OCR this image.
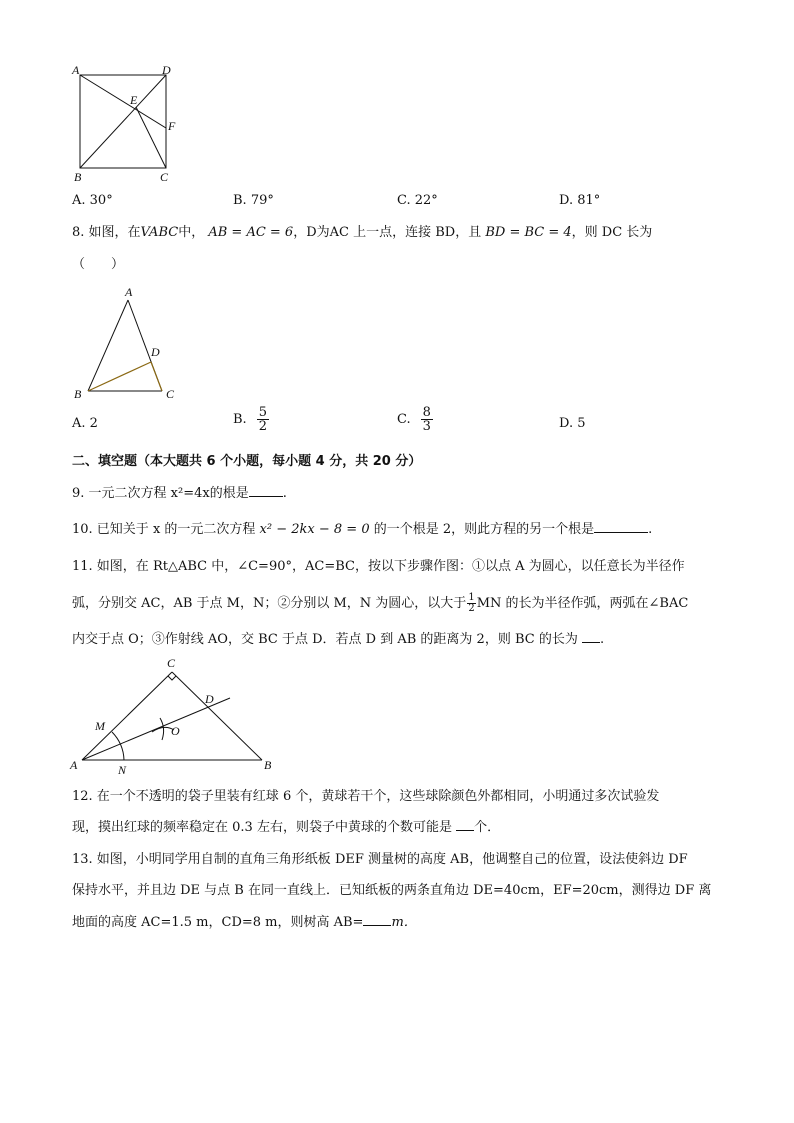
A	D
E
F
B	C
A. 30°	B. 79°	C. 22°	D. 81°
8. 如图，在VABC中， AB = AC = 6，D为AC 上一点，连接 BD，且 BD = BC = 4，则 DC 长为
（　　）
A
D
B	C
A. 2	B. $\frac{5}{2}$	C. $\frac{8}{3}$	D. 5
二、填空题（本大题共 6 个小题，每小题 4 分，共 20 分）
9. 一元二次方程 x²=4x的根是	.
10. 已知关于 x 的一元二次方程 x² − 2kx − 8 = 0 的一个根是 2，则此方程的另一个根是	.
11. 如图，在 Rt△ABC 中，∠C=90°，AC=BC，按以下步骤作图：①以点 A 为圆心，以任意长为半径作
弧，分别交 AC，AB 于点 M，N；②分别以 M，N 为圆心，以大于 $\frac{1}{2}$ MN 的长为半径作弧，两弧在∠BAC
内交于点 O；③作射线 AO，交 BC 于点 D．若点 D 到 AB 的距离为 2，则 BC 的长为 .
C
D
M	O
A	N	B
12. 在一个不透明的袋子里装有红球 6 个，黄球若干个，这些球除颜色外都相同，小明通过多次试验发
现，摸出红球的频率稳定在 0.3 左右，则袋子中黄球的个数可能是 个．
13. 如图，小明同学用自制的直角三角形纸板 DEF 测量树的高度 AB，他调整自己的位置，设法使斜边 DF
保持水平，并且边 DE 与点 B 在同一直线上．已知纸板的两条直角边 DE=40cm，EF=20cm，测得边 DF 离
地面的高度 AC=1.5 m，CD=8 m，则树高 AB= m．
